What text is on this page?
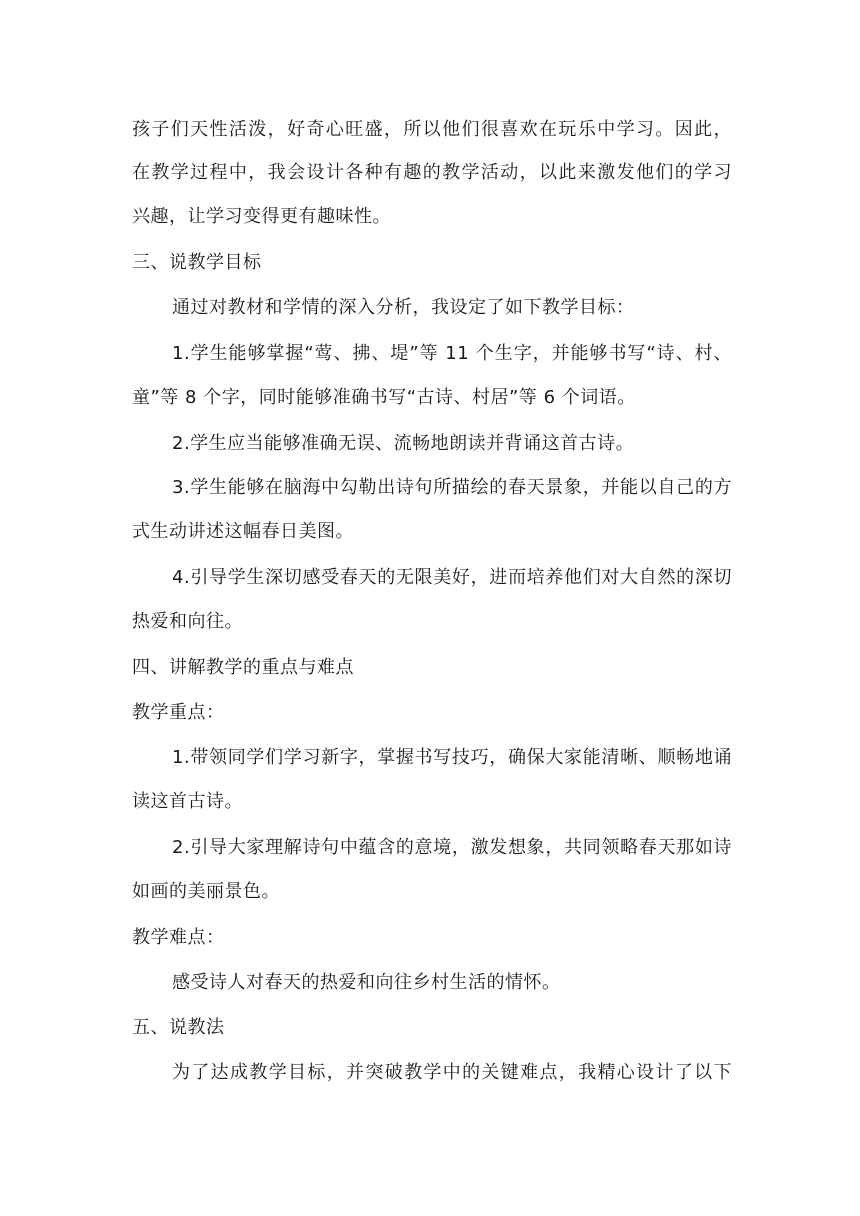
孩子们天性活泼，好奇心旺盛，所以他们很喜欢在玩乐中学习。因此，
在教学过程中，我会设计各种有趣的教学活动，以此来激发他们的学习
兴趣，让学习变得更有趣味性。
三、说教学目标
通过对教材和学情的深入分析，我设定了如下教学目标：
1.学生能够掌握“莺、拂、堤”等 11 个生字，并能够书写“诗、村、
童”等 8 个字，同时能够准确书写“古诗、村居”等 6 个词语。
2.学生应当能够准确无误、流畅地朗读并背诵这首古诗。
3.学生能够在脑海中勾勒出诗句所描绘的春天景象，并能以自己的方
式生动讲述这幅春日美图。
4.引导学生深切感受春天的无限美好，进而培养他们对大自然的深切
热爱和向往。
四、讲解教学的重点与难点
教学重点：
1.带领同学们学习新字，掌握书写技巧，确保大家能清晰、顺畅地诵
读这首古诗。
2.引导大家理解诗句中蕴含的意境，激发想象，共同领略春天那如诗
如画的美丽景色。
教学难点：
感受诗人对春天的热爱和向往乡村生活的情怀。
五、说教法
为了达成教学目标，并突破教学中的关键难点，我精心设计了以下
